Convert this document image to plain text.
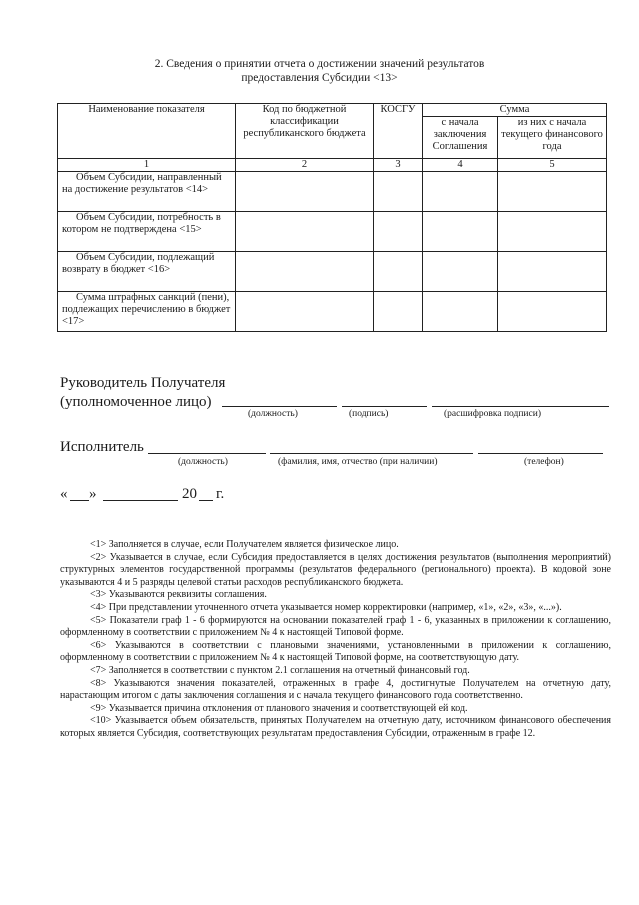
2. Сведения о принятии отчета о достижении значений результатов
предоставления Субсидии <13>
Наименование показателя	Код по бюджетной классификации республиканского бюджета	КОСГУ	Сумма	
			с начала заключения Соглашения	из них с начала текущего финансового года
1	2	3	4	5
Объем Субсидии, направленный на достижение результатов <14>				
Объем Субсидии, потребность в котором не подтверждена <15>				
Объем Субсидии, подлежащий возврату в бюджет <16>				
Сумма штрафных санкций (пени), подлежащих перечислению в бюджет <17>				
Руководитель Получателя
(уполномоченное лицо)
(должность)	(подпись)	(расшифровка подписи)
Исполнитель
(должность)	(фамилия, имя, отчество (при наличии)	(телефон)
« »	20 г.

<1> Заполняется в случае, если Получателем является физическое лицо.

<2> Указывается в случае, если Субсидия предоставляется в целях достижения результатов (выполнения мероприятий) структурных элементов государственной программы (результатов федерального (регионального) проекта). В кодовой зоне указываются 4 и 5 разряды целевой статьи расходов республиканского бюджета.

<3> Указываются реквизиты соглашения.

<4> При представлении уточненного отчета указывается номер корректировки (например, «1», «2», «3», «...»).

<5> Показатели граф 1 - 6 формируются на основании показателей граф 1 - 6, указанных в приложении к соглашению, оформленному в соответствии с приложением № 4 к настоящей Типовой форме.

<6> Указываются в соответствии с плановыми значениями, установленными в приложении к соглашению, оформленному в соответствии с приложением № 4 к настоящей Типовой форме, на соответствующую дату.

<7> Заполняется в соответствии с пунктом 2.1 соглашения на отчетный финансовый год.

<8> Указываются значения показателей, отраженных в графе 4, достигнутые Получателем на отчетную дату, нарастающим итогом с даты заключения соглашения и с начала текущего финансового года соответственно.

<9> Указывается причина отклонения от планового значения и соответствующей ей код.

<10> Указывается объем обязательств, принятых Получателем на отчетную дату, источником финансового обеспечения которых является Субсидия, соответствующих результатам предоставления Субсидии, отраженным в графе 12.
